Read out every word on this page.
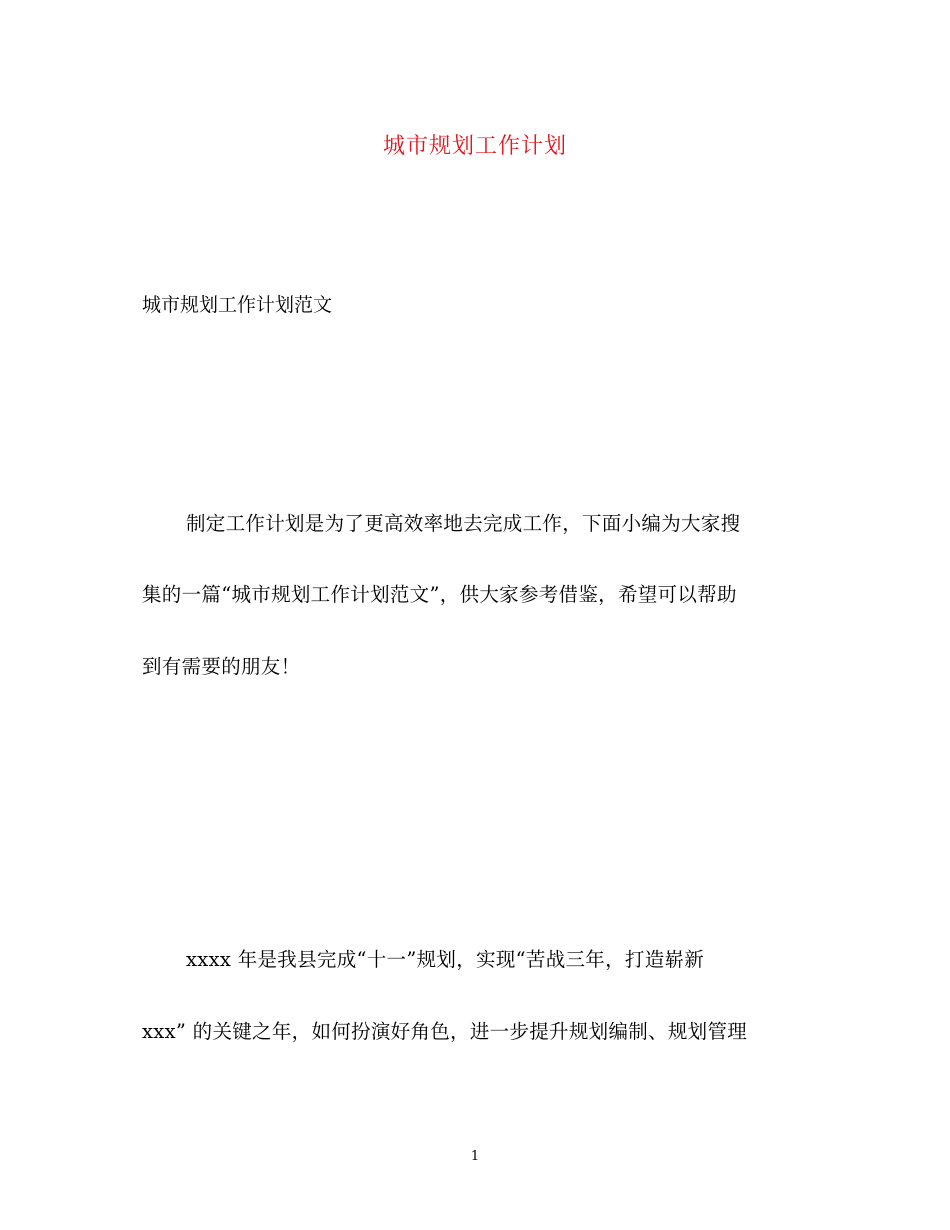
城市规划工作计划
城市规划工作计划范文
制定工作计划是为了更高效率地去完成工作，下面小编为大家搜
集的一篇“城市规划工作计划范文”，供大家参考借鉴，希望可以帮助
到有需要的朋友！
xxxx 年是我县完成“十一”规划，实现“苦战三年，打造崭新
xxx” 的关键之年，如何扮演好角色，进一步提升规划编制、规划管理
1
